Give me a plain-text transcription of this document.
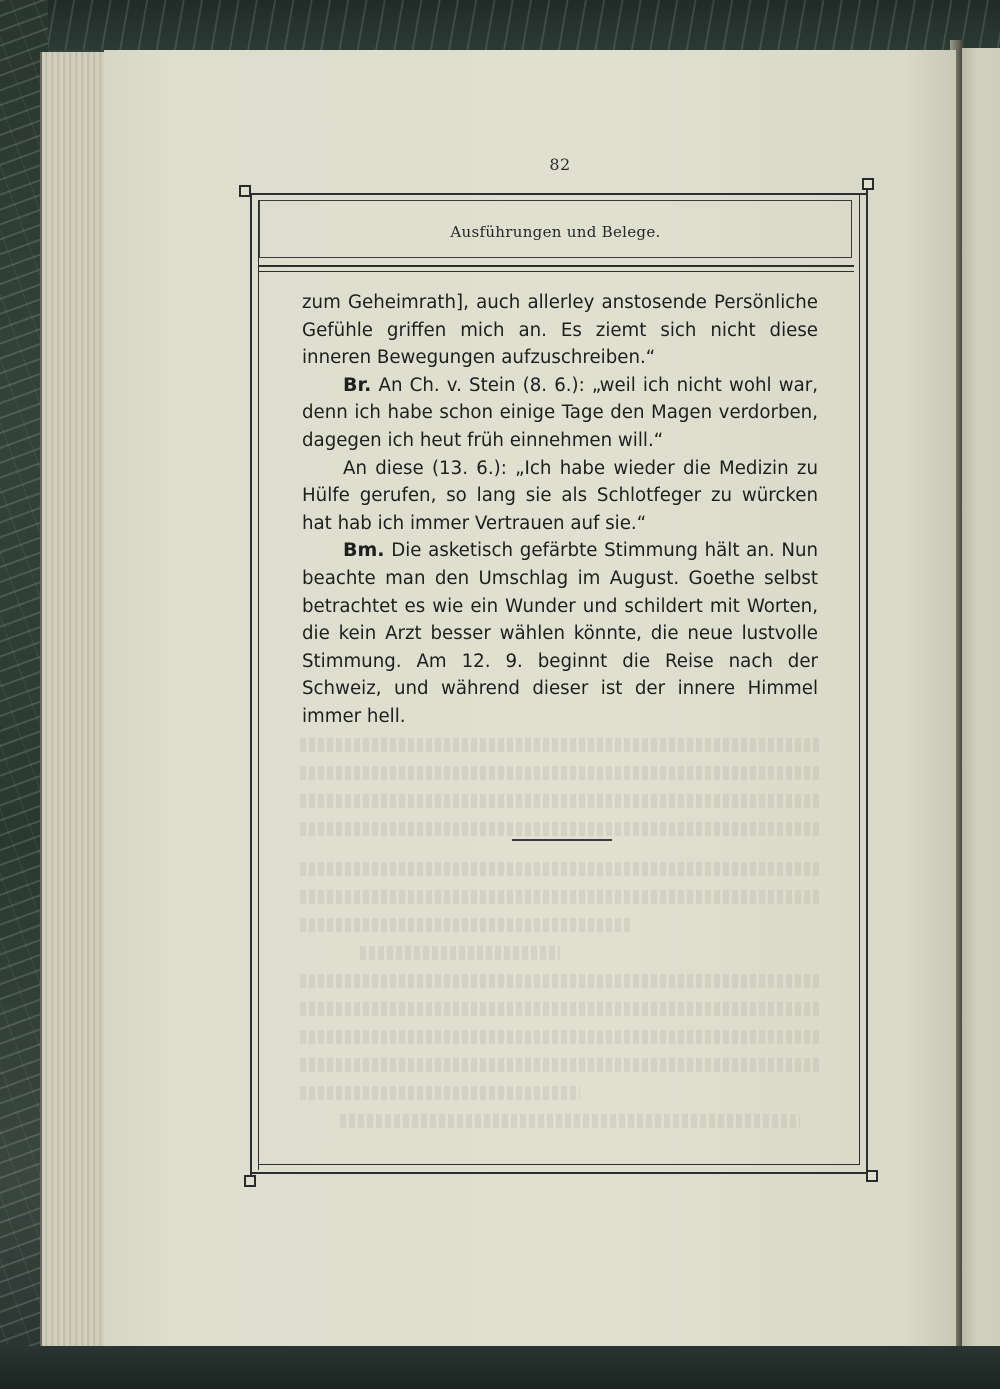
82
Ausführungen und Belege.

zum Geheimrath], auch allerley anstosende Persönliche Gefühle griffen mich an. Es ziemt sich nicht diese inneren Bewegungen aufzuschreiben.“

Br. An Ch. v. Stein (8. 6.): „weil ich nicht wohl war, denn ich habe schon einige Tage den Magen verdorben, dagegen ich heut früh einnehmen will.“

An diese (13. 6.): „Ich habe wieder die Medizin zu Hülfe gerufen, so lang sie als Schlotfeger zu würcken hat hab ich immer Vertrauen auf sie.“

Bm. Die asketisch gefärbte Stimmung hält an. Nun beachte man den Umschlag im August. Goethe selbst betrachtet es wie ein Wunder und schildert mit Worten, die kein Arzt besser wählen könnte, die neue lustvolle Stimmung. Am 12. 9. beginnt die Reise nach der Schweiz, und während dieser ist der innere Himmel immer hell.
